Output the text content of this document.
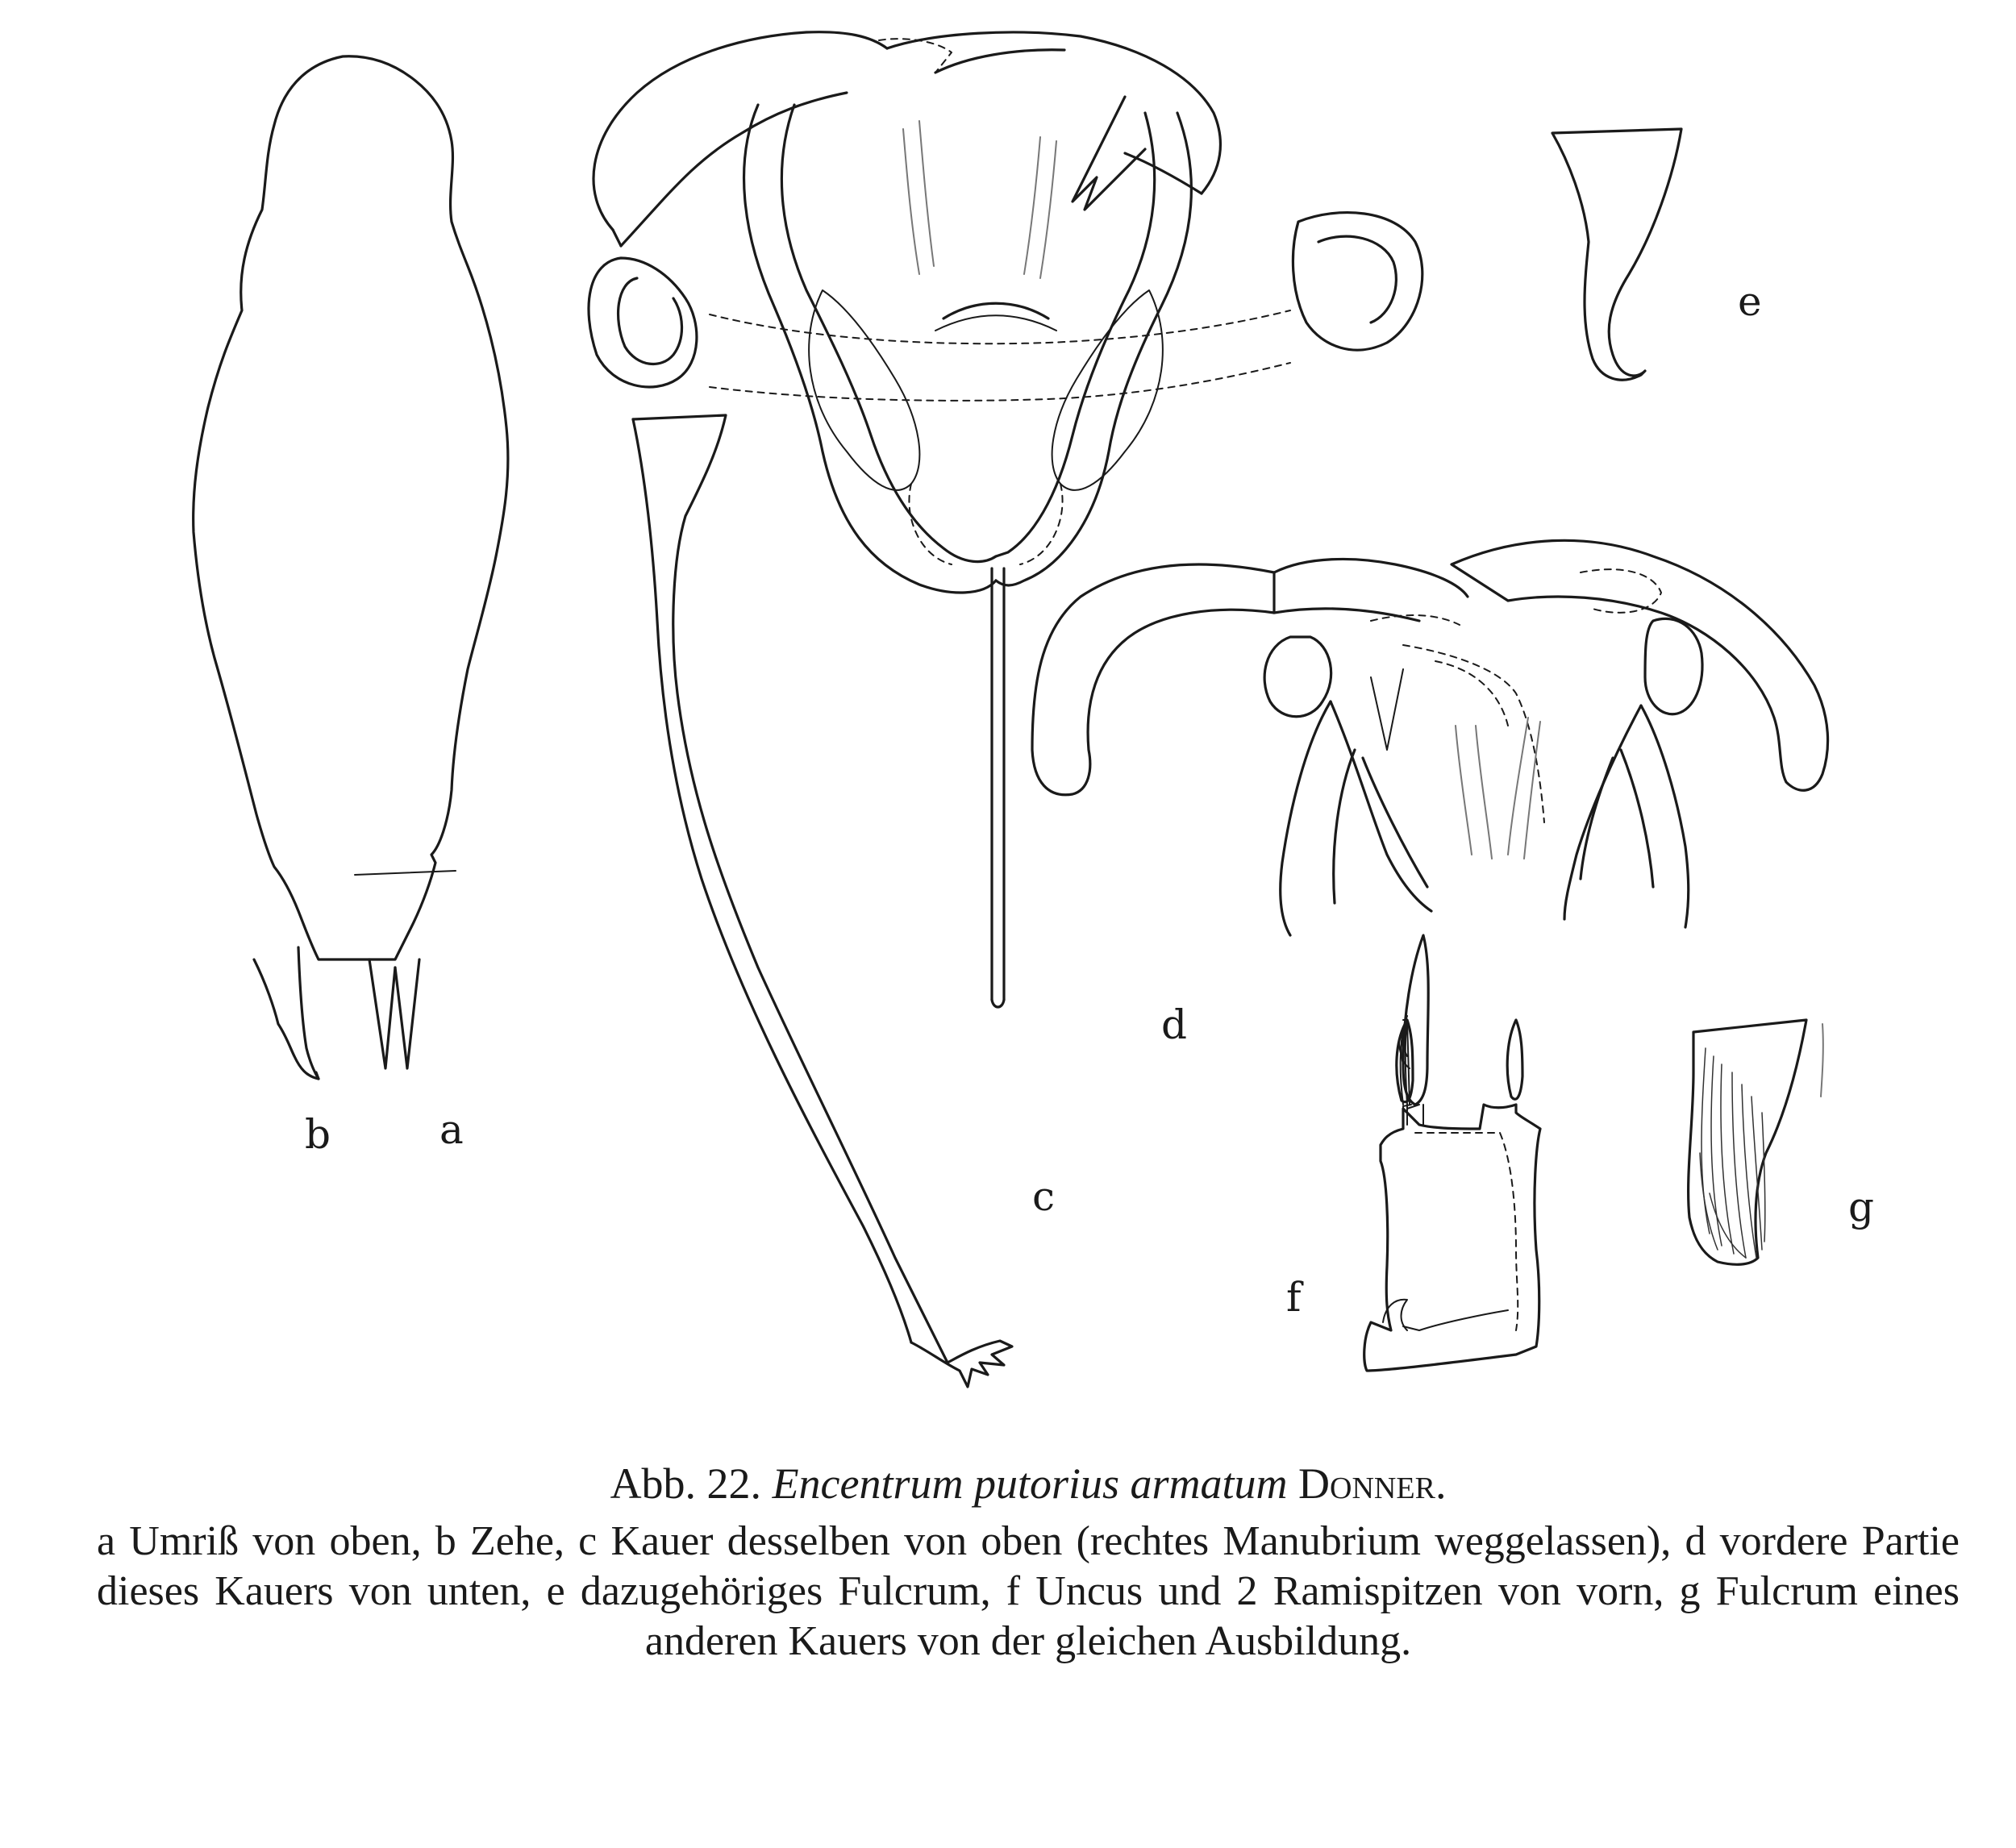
b	a
c
d
e
f
g

Abb. 22. Encentrum putorius armatum Donner.

a Umriß von oben, b Zehe, c Kauer desselben von oben (rechtes Manubrium weggelassen), d vordere Partie dieses Kauers von unten, e dazugehöriges Fulcrum, f Uncus und 2 Ramispitzen von vorn, g Fulcrum eines anderen Kauers von der gleichen Ausbildung.
